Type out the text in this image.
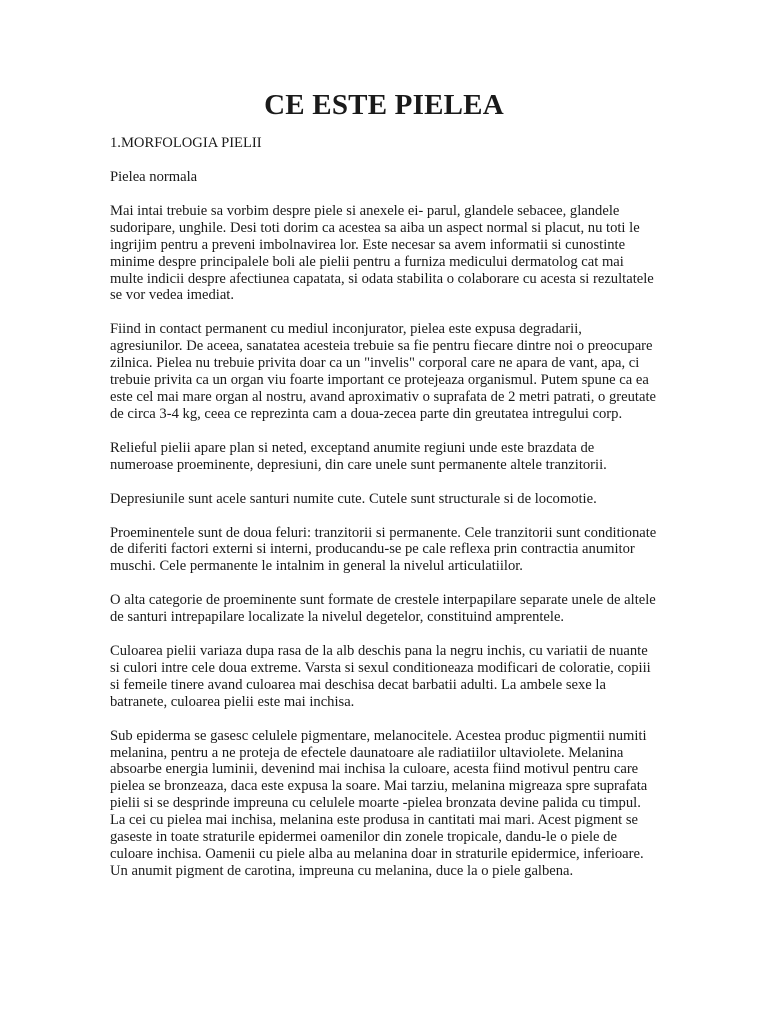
CE ESTE PIELEA

1.MORFOLOGIA PIELII

Pielea normala

Mai intai trebuie sa vorbim despre piele si anexele ei- parul, glandele sebacee, glandele sudoripare, unghile. Desi toti dorim ca acestea sa aiba un aspect normal si placut, nu toti le ingrijim pentru a preveni imbolnavirea lor. Este necesar sa avem informatii si cunostinte minime despre principalele boli ale pielii pentru a furniza medicului dermatolog cat mai multe indicii despre afectiunea capatata, si odata stabilita o colaborare cu acesta si rezultatele se vor vedea imediat.

Fiind in contact permanent cu mediul inconjurator, pielea este expusa degradarii, agresiunilor. De aceea, sanatatea acesteia trebuie sa fie pentru fiecare dintre noi o preocupare zilnica. Pielea nu trebuie privita doar ca un "invelis" corporal care ne apara de vant, apa, ci trebuie privita ca un organ viu foarte important ce protejeaza organismul. Putem spune ca ea este cel mai mare organ al nostru, avand aproximativ o suprafata de 2 metri patrati, o greutate de circa 3-4 kg, ceea ce reprezinta cam a doua-zecea parte din greutatea intregului corp.

Relieful pielii apare plan si neted, exceptand anumite regiuni unde este brazdata de numeroase proeminente, depresiuni, din care unele sunt permanente altele tranzitorii.

Depresiunile sunt acele santuri numite cute. Cutele sunt structurale si de locomotie.

Proeminentele sunt de doua feluri: tranzitorii si permanente. Cele tranzitorii sunt conditionate de diferiti factori externi si interni, producandu-se pe cale reflexa prin contractia anumitor muschi. Cele permanente le intalnim in general la nivelul articulatiilor.

O alta categorie de proeminente sunt formate de crestele interpapilare separate unele de altele de santuri intrepapilare localizate la nivelul degetelor, constituind amprentele.

Culoarea pielii variaza dupa rasa de la alb deschis pana la negru inchis, cu variatii de nuante si culori intre cele doua extreme. Varsta si sexul conditioneaza modificari de coloratie, copiii si femeile tinere avand culoarea mai deschisa decat barbatii adulti. La ambele sexe la batranete, culoarea pielii este mai inchisa.

Sub epiderma se gasesc celulele pigmentare, melanocitele. Acestea produc pigmentii numiti melanina, pentru a ne proteja de efectele daunatoare ale radiatiilor ultaviolete. Melanina absoarbe energia luminii, devenind mai inchisa la culoare, acesta fiind motivul pentru care pielea se bronzeaza, daca este expusa la soare. Mai tarziu, melanina migreaza spre suprafata pielii si se desprinde impreuna cu celulele moarte -pielea bronzata devine palida cu timpul. La cei cu pielea mai inchisa, melanina este produsa in cantitati mai mari. Acest pigment se gaseste in toate straturile epidermei oamenilor din zonele tropicale, dandu-le o piele de culoare inchisa. Oamenii cu piele alba au melanina doar in straturile epidermice, inferioare. Un anumit pigment de carotina, impreuna cu melanina, duce la o piele galbena.
